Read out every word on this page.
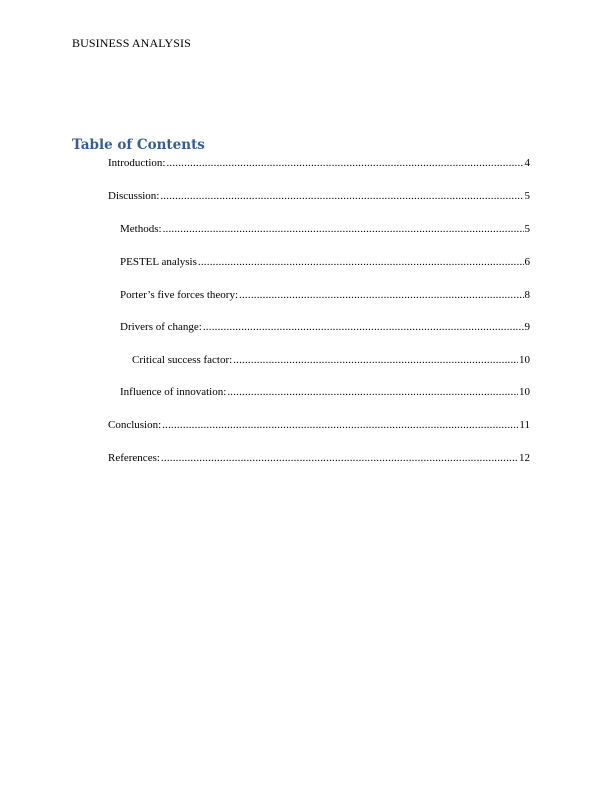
BUSINESS ANALYSIS
Table of Contents
Introduction: .....	4
Discussion: .....	5
Methods: .....	5
PESTEL analysis .....	6
Porter’s five forces theory: .....	8
Drivers of change: .....	9
Critical success factor: .....	10
Influence of innovation: .....	10
Conclusion: .....	11
References: .....	12
